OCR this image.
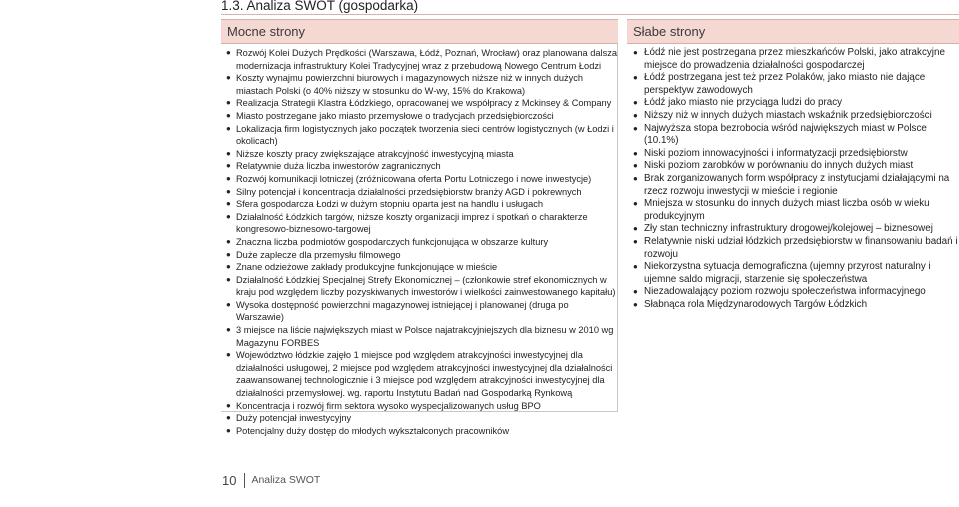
1.3. Analiza SWOT (gospodarka)
Mocne strony
● Rozwój Kolei Dużych Prędkości (Warszawa, Łódź, Poznań, Wrocław) oraz planowana dalsza modernizacja infrastruktury Kolei Tradycyjnej wraz z przebudową Nowego Centrum Łodzi
● Koszty wynajmu powierzchni biurowych i magazynowych niższe niż w innych dużych miastach Polski (o 40% niższy w stosunku do W-wy, 15% do Krakowa)
● Realizacja Strategii Klastra Łódzkiego, opracowanej we współpracy z Mckinsey & Company
● Miasto postrzegane jako miasto przemysłowe o tradycjach przedsiębiorczości
● Lokalizacja firm logistycznych jako początek tworzenia sieci centrów logistycznych (w Łodzi i okolicach)
● Niższe koszty pracy zwiększające atrakcyjność inwestycyjną miasta
● Relatywnie duża liczba inwestorów zagranicznych
● Rozwój komunikacji lotniczej (zróżnicowana oferta Portu Lotniczego i nowe inwestycje)
● Silny potencjał i koncentracja działalności przedsiębiorstw branży AGD i pokrewnych
● Sfera gospodarcza Łodzi w dużym stopniu oparta jest na handlu i usługach
● Działalność Łódzkich targów, niższe koszty organizacji imprez i spotkań o charakterze kongresowo-biznesowo-targowej
● Znaczna liczba podmiotów gospodarczych funkcjonująca w obszarze kultury
● Duże zaplecze dla przemysłu filmowego
● Znane odzieżowe zakłady produkcyjne funkcjonujące w mieście
● Działalność Łódzkiej Specjalnej Strefy Ekonomicznej – (członkowie stref ekonomicznych w kraju pod względem liczby pozyskiwanych inwestorów i wielkości zainwestowanego kapitału)
● Wysoka dostępność powierzchni magazynowej istniejącej i planowanej (druga po Warszawie)
● 3 miejsce na liście największych miast w Polsce najatrakcyjniejszych dla biznesu w 2010 wg Magazynu FORBES
● Województwo łódzkie zajęło 1 miejsce pod względem atrakcyjności inwestycyjnej dla działalności usługowej, 2 miejsce pod względem atrakcyjności inwestycyjnej dla działalności zaawansowanej technologicznie i 3 miejsce pod względem atrakcyjności inwestycyjnej dla działalności przemysłowej. wg. raportu Instytutu Badań nad Gospodarką Rynkową
● Koncentracja i rozwój firm sektora wysoko wyspecjalizowanych usług BPO
● Duży potencjał inwestycyjny
● Potencjalny duży dostęp do młodych wykształconych pracowników
Słabe strony
● Łódź nie jest postrzegana przez mieszkańców Polski, jako atrakcyjne miejsce do prowadzenia działalności gospodarczej
● Łódź postrzegana jest też przez Polaków, jako miasto nie dające perspektyw zawodowych
● Łódź jako miasto nie przyciąga ludzi do pracy
● Niższy niż w innych dużych miastach wskaźnik przedsiębiorczości
● Najwyższa stopa bezrobocia wśród największych miast w Polsce (10.1%)
● Niski poziom innowacyjności i informatyzacji przedsiębiorstw
● Niski poziom zarobków w porównaniu do innych dużych miast
● Brak zorganizowanych form współpracy z instytucjami działającymi na rzecz rozwoju inwestycji w mieście i regionie
● Mniejsza w stosunku do innych dużych miast liczba osób w wieku produkcyjnym
● Zły stan techniczny infrastruktury drogowej/kolejowej – biznesowej
● Relatywnie niski udział łódzkich przedsiębiorstw w finansowaniu badań i rozwoju
● Niekorzystna sytuacja demograficzna (ujemny przyrost naturalny i ujemne saldo migracji, starzenie się społeczeństwa
● Niezadowalający poziom rozwoju społeczeństwa informacyjnego
● Słabnąca rola Międzynarodowych Targów Łódzkich
10 Analiza SWOT
